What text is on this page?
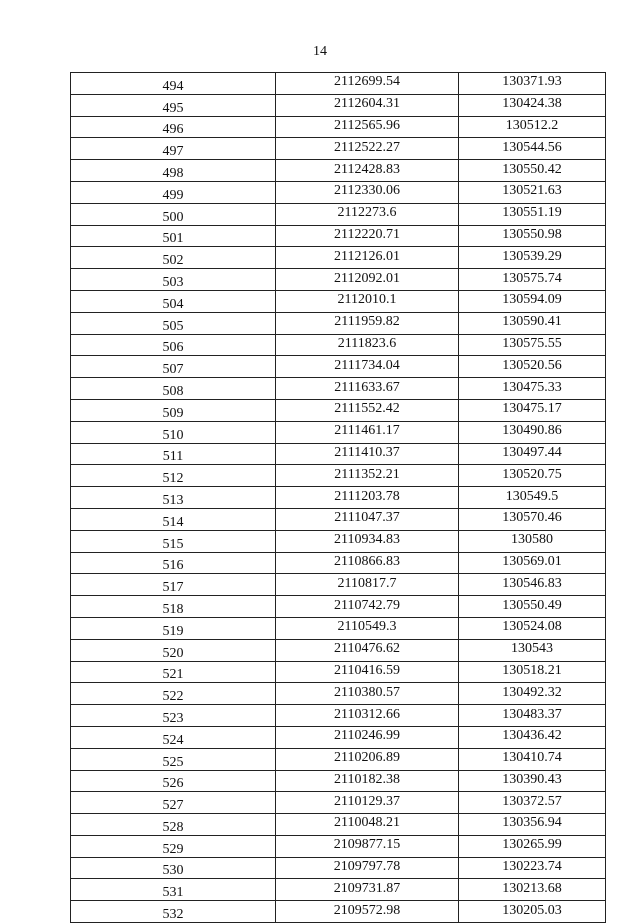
14
494	2112699.54	130371.93
495	2112604.31	130424.38
496	2112565.96	130512.2
497	2112522.27	130544.56
498	2112428.83	130550.42
499	2112330.06	130521.63
500	2112273.6	130551.19
501	2112220.71	130550.98
502	2112126.01	130539.29
503	2112092.01	130575.74
504	2112010.1	130594.09
505	2111959.82	130590.41
506	2111823.6	130575.55
507	2111734.04	130520.56
508	2111633.67	130475.33
509	2111552.42	130475.17
510	2111461.17	130490.86
511	2111410.37	130497.44
512	2111352.21	130520.75
513	2111203.78	130549.5
514	2111047.37	130570.46
515	2110934.83	130580
516	2110866.83	130569.01
517	2110817.7	130546.83
518	2110742.79	130550.49
519	2110549.3	130524.08
520	2110476.62	130543
521	2110416.59	130518.21
522	2110380.57	130492.32
523	2110312.66	130483.37
524	2110246.99	130436.42
525	2110206.89	130410.74
526	2110182.38	130390.43
527	2110129.37	130372.57
528	2110048.21	130356.94
529	2109877.15	130265.99
530	2109797.78	130223.74
531	2109731.87	130213.68
532	2109572.98	130205.03
